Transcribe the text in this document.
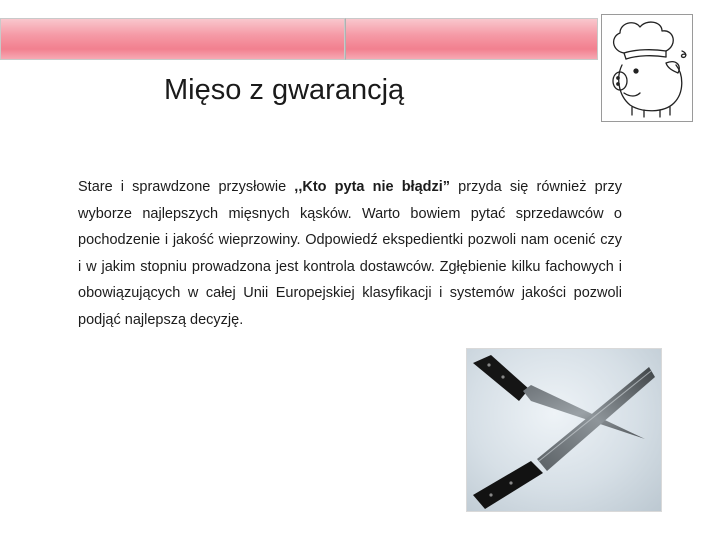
Mięso z gwarancją
Stare i sprawdzone przysłowie ,,Kto pyta nie błądzi” przyda się również przy wyborze najlepszych mięsnych kąsków. Warto bowiem pytać sprzedawców o pochodzenie i jakość wieprzowiny. Odpowiedź ekspedientki pozwoli nam ocenić czy i w jakim stopniu prowadzona jest kontrola dostawców. Zgłębienie kilku fachowych i obowiązujących w całej Unii Europejskiej klasyfikacji i systemów jakości pozwoli podjąć najlepszą decyzję.
